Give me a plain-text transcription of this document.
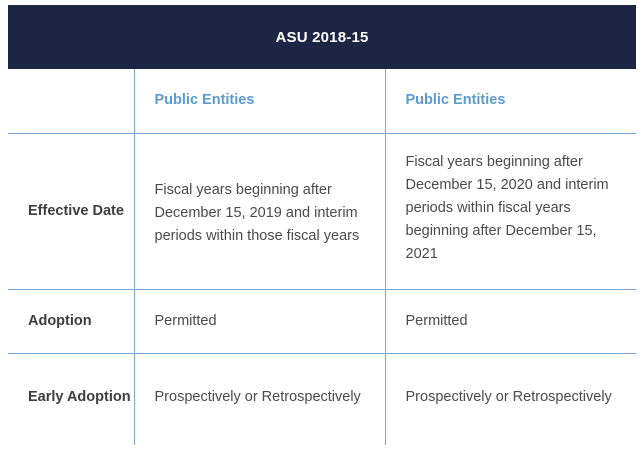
ASU 2018-15
	Public Entities	Public Entities
Effective Date	Fiscal years beginning after December 15, 2019 and interim periods within those fiscal years	Fiscal years beginning after December 15, 2020 and interim periods within fiscal years beginning after December 15, 2021
Adoption	Permitted	Permitted
Early Adoption	Prospectively or Retrospectively	Prospectively or Retrospectively
